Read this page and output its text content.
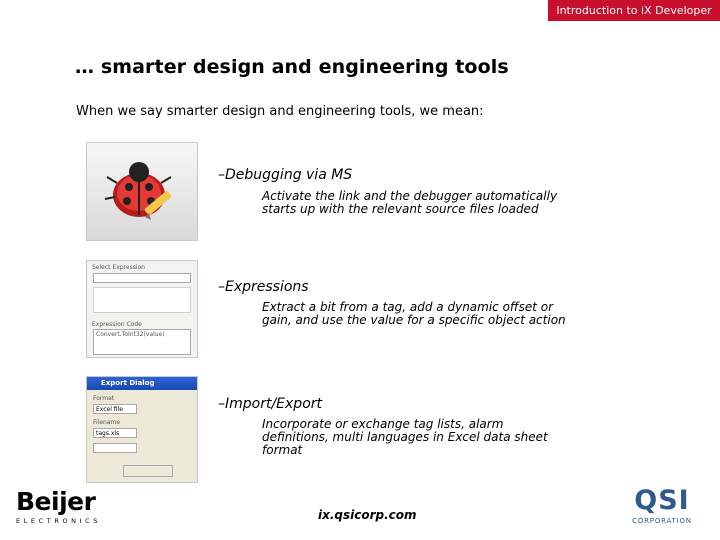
Introduction to iX Developer
… smarter design and engineering tools
When we say smarter design and engineering tools, we mean:
–Debugging via MS
Activate the link and the debugger automatically
starts up with the relevant source files loaded
Select Expression
Expression Code
Convert.ToInt32(value)
–Expressions
Extract a bit from a tag, add a dynamic offset or
gain, and use the value for a specific object action
Export Dialog
Format
Excel file
Filename
tags.xls
–Import/Export
Incorporate or exchange tag lists, alarm
definitions, multi languages in Excel data sheet
format
Beijer
ELECTRONICS	ix.qsicorp.com	QSI
CORPORATION
